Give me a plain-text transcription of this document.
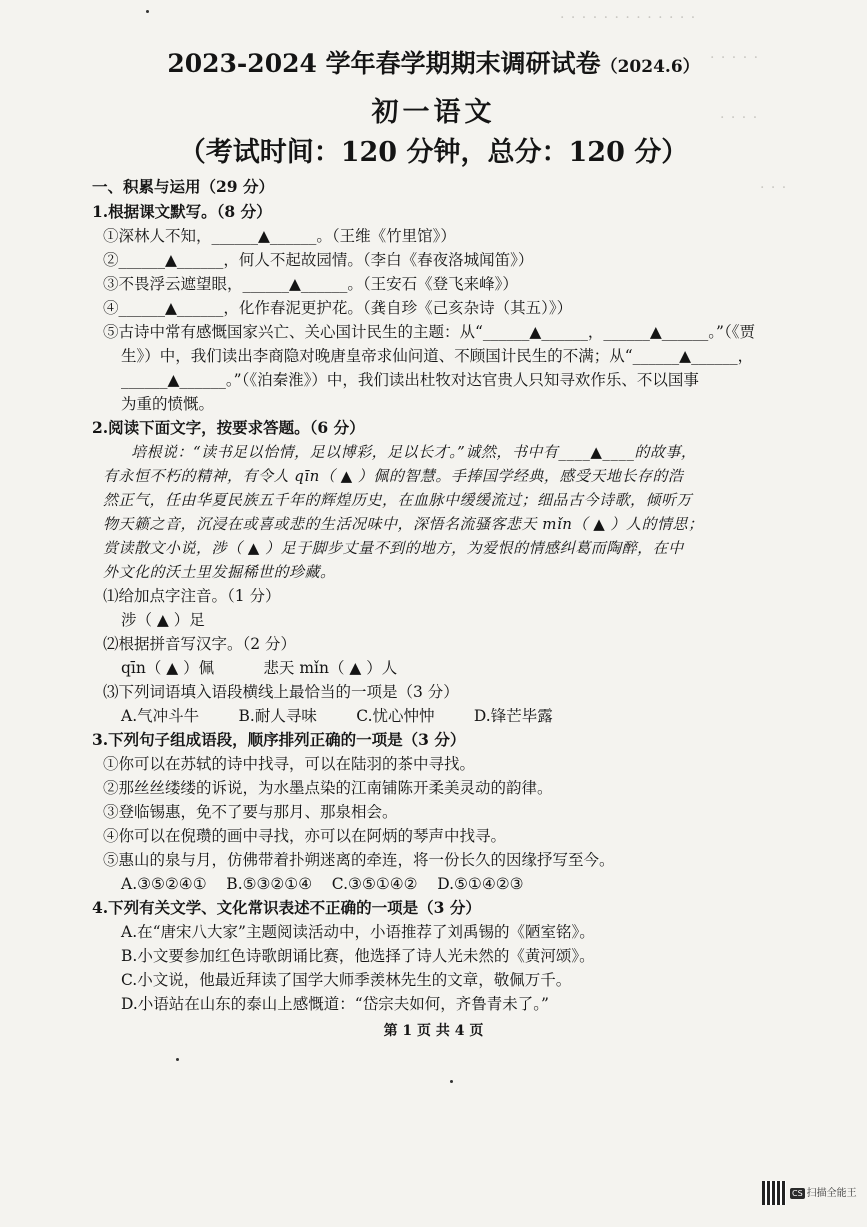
· · · · · · · · · · · · ·
· · · · ·
· · · ·
· · ·
2023-2024 学年春学期期末调研试卷（2024.6）
初一语文
（考试时间：120 分钟，总分：120 分）
一、积累与运用（29 分）
1.根据课文默写。（8 分）
①深林人不知，______▲______。（王维《竹里馆》）
②______▲______，何人不起故园情。（李白《春夜洛城闻笛》）
③不畏浮云遮望眼，______▲______。（王安石《登飞来峰》）
④______▲______，化作春泥更护花。（龚自珍《己亥杂诗（其五）》）
⑤古诗中常有感慨国家兴亡、关心国计民生的主题：从“______▲______，______▲______。”（《贾
生》）中，我们读出李商隐对晚唐皇帝求仙问道、不顾国计民生的不满；从“______▲______，
______▲______。”（《泊秦淮》）中，我们读出杜牧对达官贵人只知寻欢作乐、不以国事
为重的愤慨。
2.阅读下面文字，按要求答题。（6 分）
培根说：“读书足以怡情，足以博彩，足以长才。”诚然，书中有____▲____的故事，
有永恒不朽的精神，有令人 qīn（ ▲ ）佩的智慧。手捧国学经典，感受天地长存的浩
然正气，任由华夏民族五千年的辉煌历史，在血脉中缓缓流过；细品古今诗歌，倾听万
物天籁之音，沉浸在或喜或悲的生活况味中，深悟名流骚客悲天 mǐn（ ▲ ）人的情思；
赏读散文小说，涉（ ▲ ）足于脚步丈量不到的地方，为爱恨的情感纠葛而陶醉，在中
外文化的沃土里发掘稀世的珍藏。
⑴给加点字注音。（1 分）
涉（ ▲ ）足
⑵根据拼音写汉字。（2 分）
qīn（ ▲ ）佩          悲天 mǐn（ ▲ ）人
⑶下列词语填入语段横线上最恰当的一项是（3 分）
A.气冲斗牛        B.耐人寻味        C.忧心忡忡        D.锋芒毕露
3.下列句子组成语段，顺序排列正确的一项是（3 分）
①你可以在苏轼的诗中找寻，可以在陆羽的茶中寻找。
②那丝丝缕缕的诉说，为水墨点染的江南铺陈开柔美灵动的韵律。
③登临锡惠，免不了要与那月、那泉相会。
④你可以在倪瓒的画中寻找，亦可以在阿炳的琴声中找寻。
⑤惠山的泉与月，仿佛带着扑朔迷离的牵连，将一份长久的因缘抒写至今。
A.③⑤②④①    B.⑤③②①④    C.③⑤①④②    D.⑤①④②③
4.下列有关文学、文化常识表述不正确的一项是（3 分）
A.在“唐宋八大家”主题阅读活动中，小语推荐了刘禹锡的《陋室铭》。
B.小文要参加红色诗歌朗诵比赛，他选择了诗人光未然的《黄河颂》。
C.小文说，他最近拜读了国学大师季羡林先生的文章，敬佩万千。
D.小语站在山东的泰山上感慨道：“岱宗夫如何，齐鲁青未了。”
第 1 页 共 4 页
CS 扫描全能王
